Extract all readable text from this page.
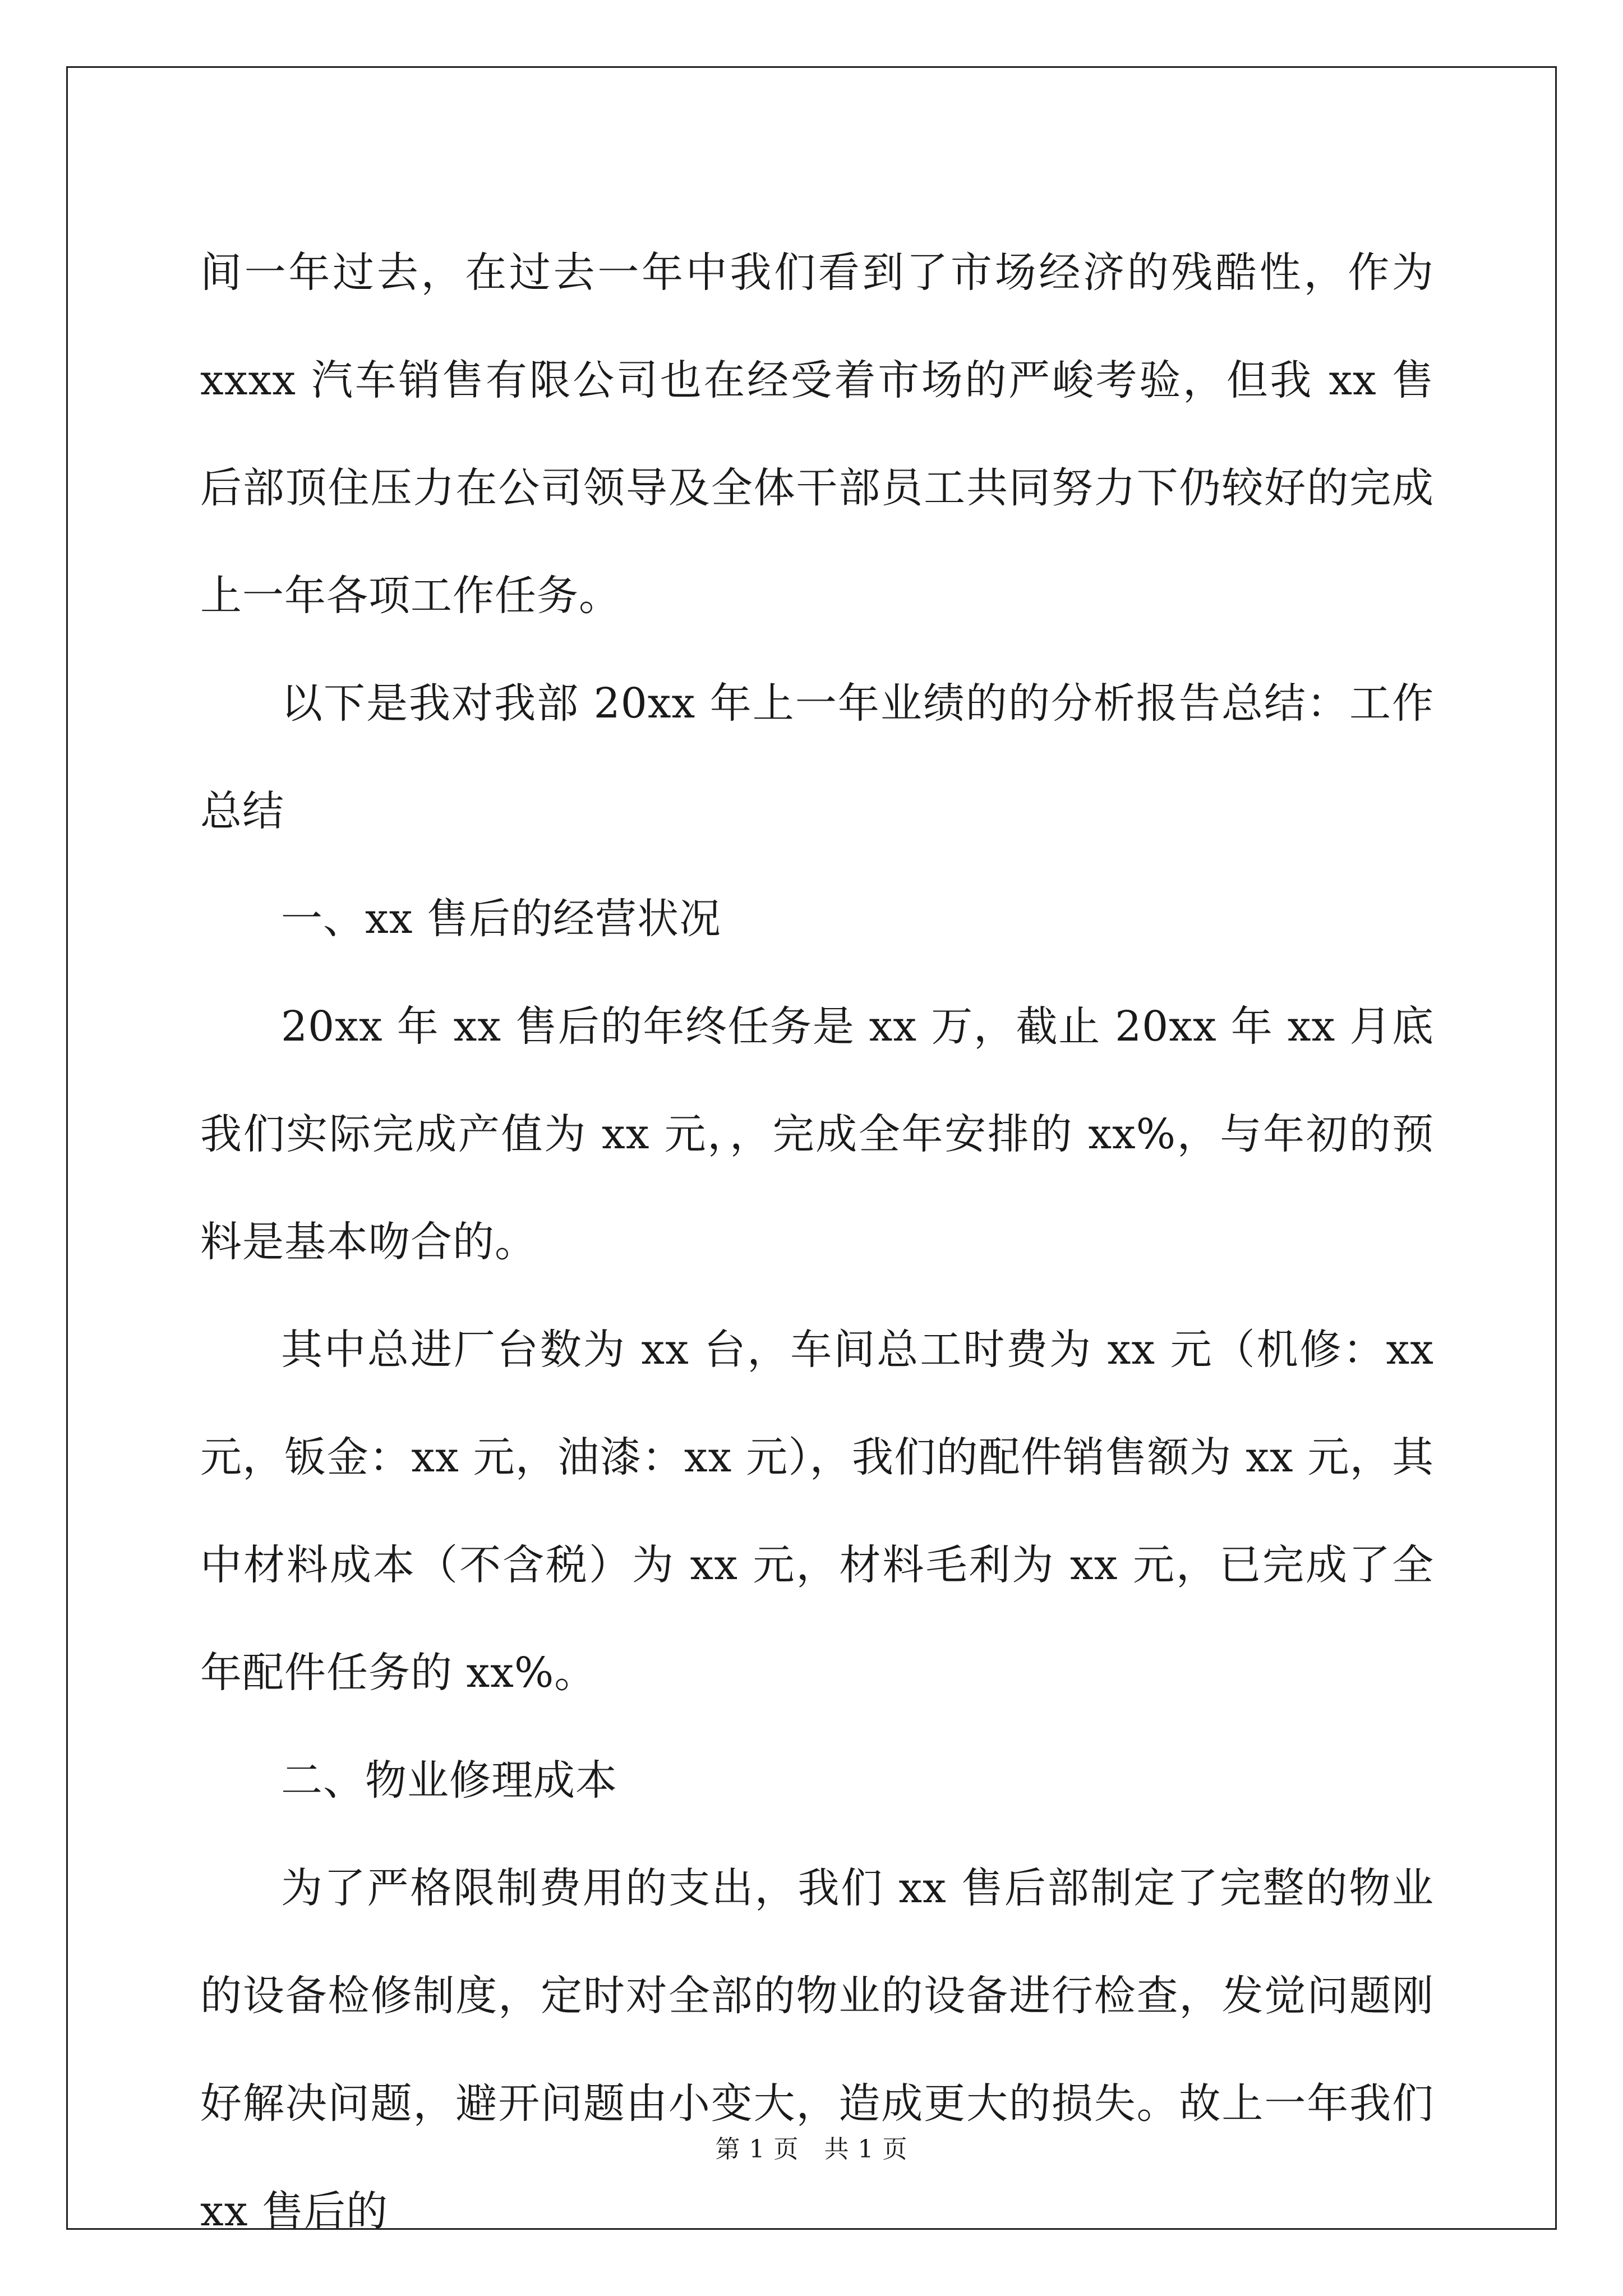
间一年过去，在过去一年中我们看到了市场经济的残酷性，作为 xxxx 汽车销售有限公司也在经受着市场的严峻考验，但我 xx 售后部顶住压力在公司领导及全体干部员工共同努力下仍较好的完成上一年各项工作任务。

以下是我对我部 20xx 年上一年业绩的的分析报告总结：工作总结

一、xx 售后的经营状况

20xx 年 xx 售后的年终任务是 xx 万，截止 20xx 年 xx 月底我们实际完成产值为 xx 元，，完成全年安排的 xx%，与年初的预料是基本吻合的。

其中总进厂台数为 xx 台，车间总工时费为 xx 元（机修：xx 元，钣金：xx 元，油漆：xx 元），我们的配件销售额为 xx 元，其中材料成本（不含税）为 xx 元，材料毛利为 xx 元，已完成了全年配件任务的 xx%。

二、物业修理成本

为了严格限制费用的支出，我们 xx 售后部制定了完整的物业的设备检修制度，定时对全部的物业的设备进行检查，发觉问题刚好解决问题，避开问题由小变大，造成更大的损失。故上一年我们 xx 售后的

第 1 页　共 1 页
